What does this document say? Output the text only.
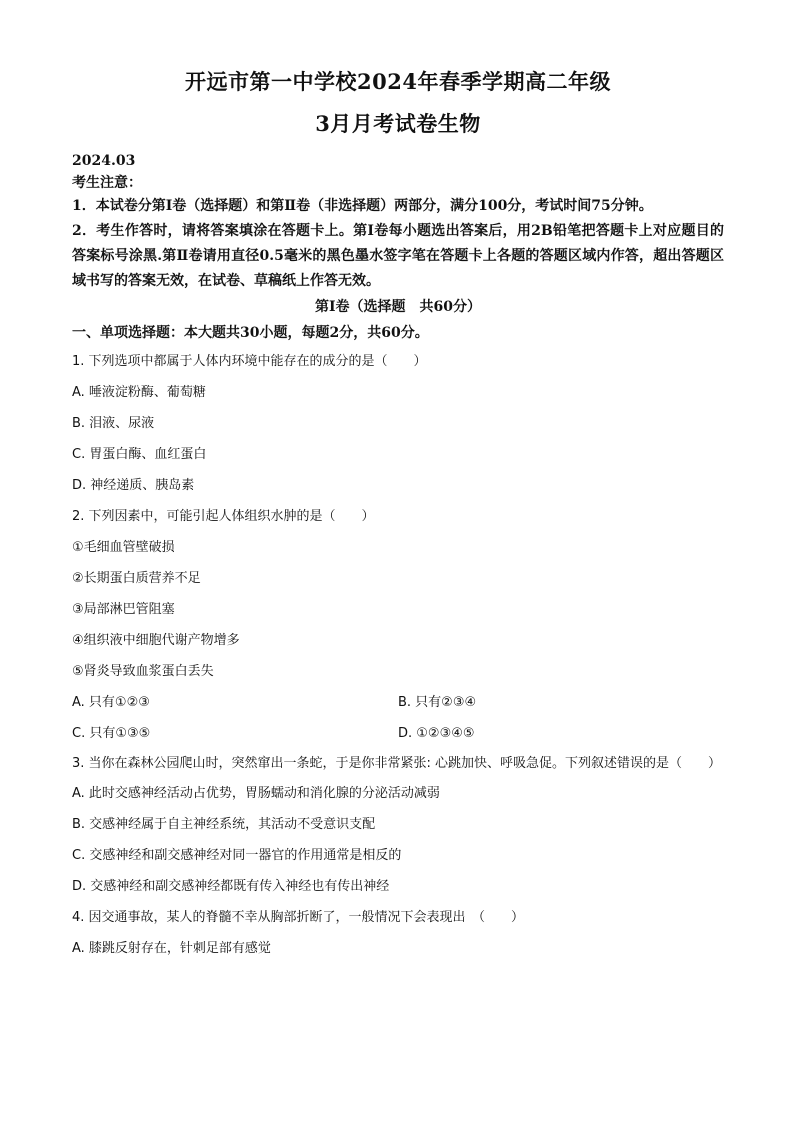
开远市第一中学校2024年春季学期高二年级
3月月考试卷生物
2024.03
考生注意：
1．本试卷分第Ⅰ卷（选择题）和第Ⅱ卷（非选择题）两部分，满分100分，考试时间75分钟。
2．考生作答时，请将答案填涂在答题卡上。第Ⅰ卷每小题选出答案后，用2B铅笔把答题卡上对应题目的答案标号涂黑.第Ⅱ卷请用直径0.5毫米的黑色墨水签字笔在答题卡上各题的答题区域内作答，超出答题区域书写的答案无效，在试卷、草稿纸上作答无效。
第Ⅰ卷（选择题　共60分）
一、单项选择题：本大题共30小题，每题2分，共60分。
1. 下列选项中都属于人体内环境中能存在的成分的是（　　）
A. 唾液淀粉酶、葡萄糖
B. 泪液、尿液
C. 胃蛋白酶、血红蛋白
D. 神经递质、胰岛素
2. 下列因素中，可能引起人体组织水肿的是（　　）
①毛细血管壁破损
②长期蛋白质营养不足
③局部淋巴管阻塞
④组织液中细胞代谢产物增多
⑤肾炎导致血浆蛋白丢失
A. 只有①②③	B. 只有②③④
C. 只有①③⑤	D. ①②③④⑤
3. 当你在森林公园爬山时，突然窜出一条蛇，于是你非常紧张: 心跳加快、呼吸急促。下列叙述错误的是（　　）
A. 此时交感神经活动占优势，胃肠蠕动和消化腺的分泌活动减弱
B. 交感神经属于自主神经系统，其活动不受意识支配
C. 交感神经和副交感神经对同一器官的作用通常是相反的
D. 交感神经和副交感神经都既有传入神经也有传出神经
4. 因交通事故，某人的脊髓不幸从胸部折断了，一般情况下会表现出　（　　）
A. 膝跳反射存在，针刺足部有感觉
